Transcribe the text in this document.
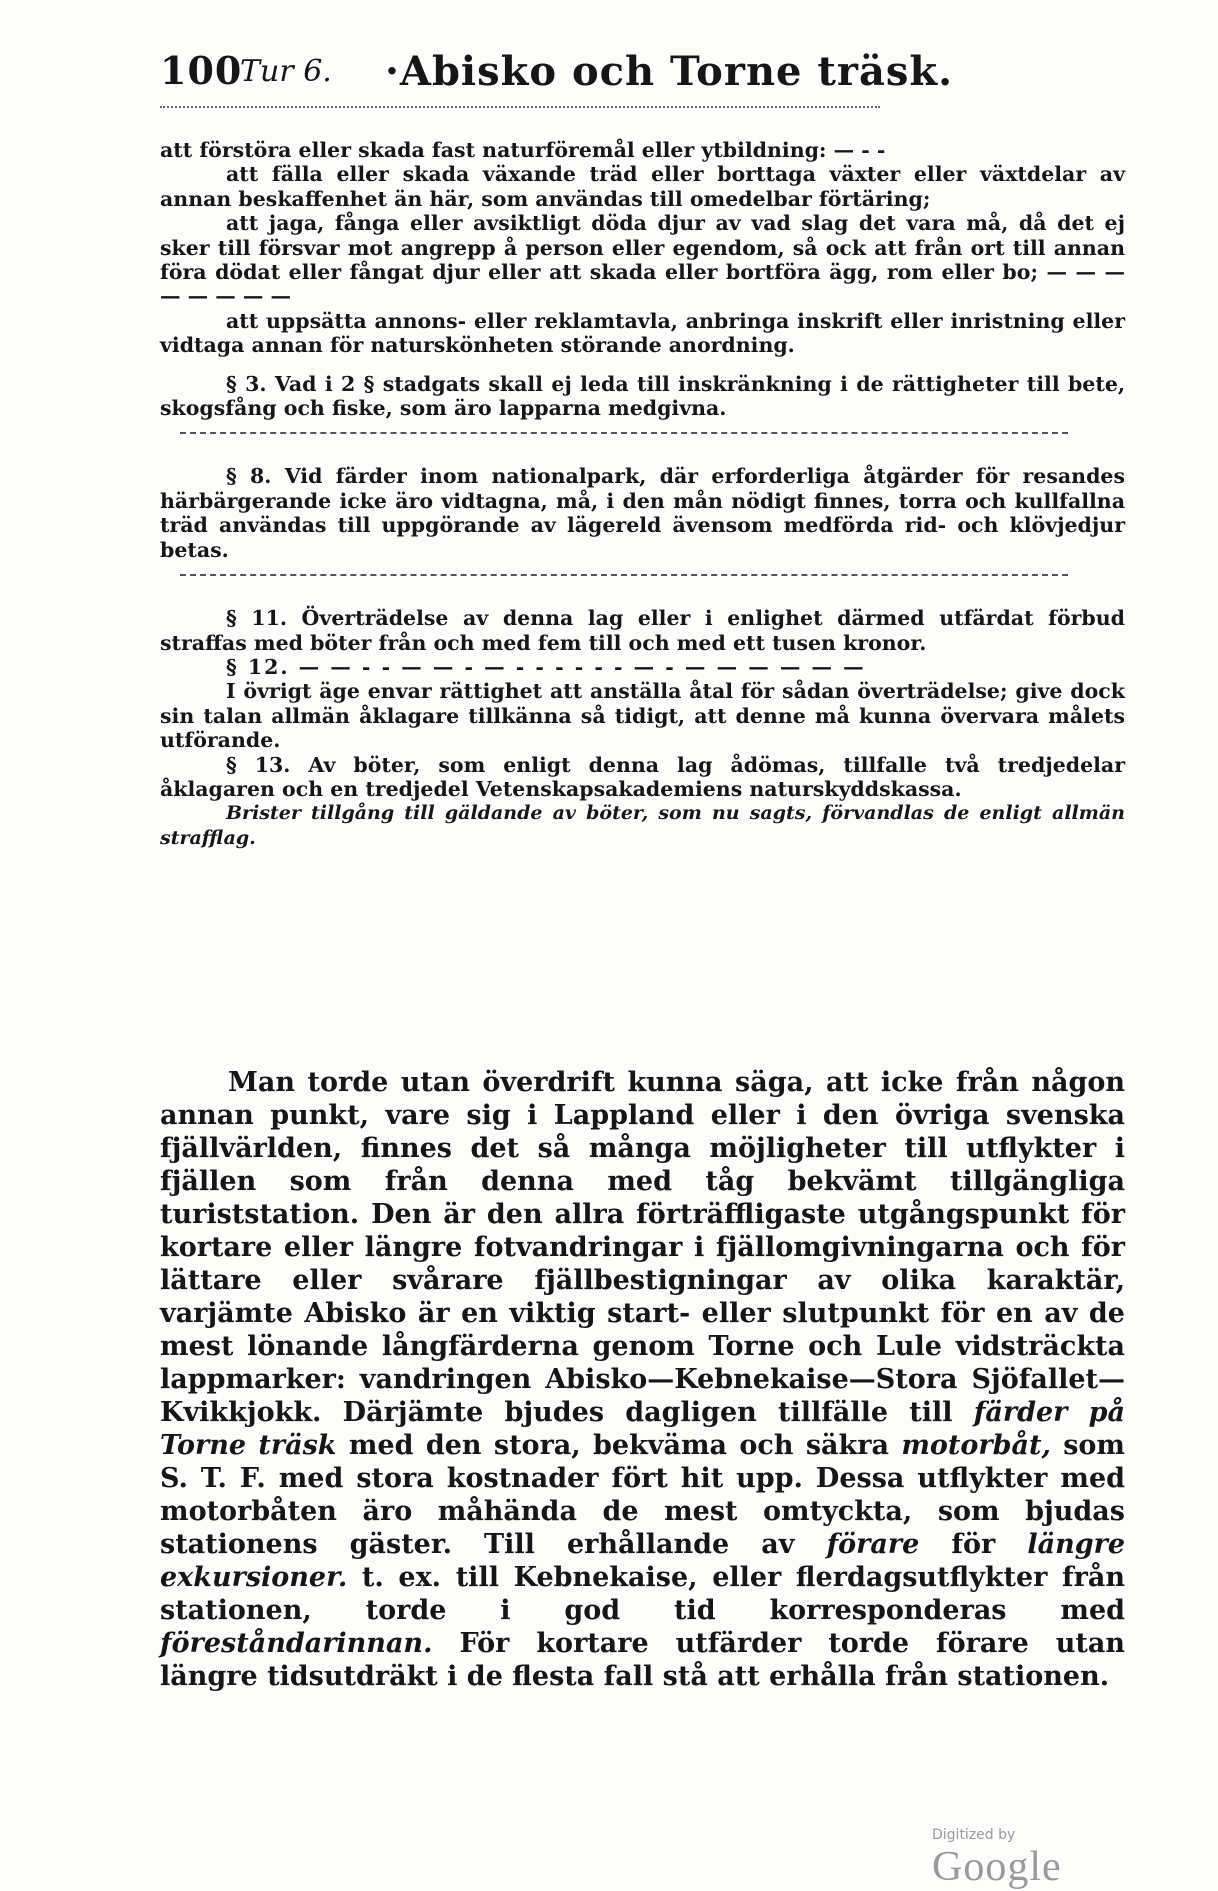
100
Tur 6. ·Abisko och Torne träsk.

att förstöra eller skada fast naturföremål eller ytbildning: — - -

att fälla eller skada växande träd eller borttaga växter eller växtdelar av annan beskaffenhet än här, som användas till omedelbar förtäring;

att jaga, fånga eller avsiktligt döda djur av vad slag det vara må, då det ej sker till försvar mot angrepp å person eller egendom, så ock att från ort till annan föra dödat eller fångat djur eller att skada eller bortföra ägg, rom eller bo; — — — — — — — —

att uppsätta annons- eller reklamtavla, anbringa inskrift eller inristning eller vidtaga annan för naturskönheten störande anordning.

§ 3. Vad i 2 § stadgats skall ej leda till inskränkning i de rättigheter till bete, skogsfång och fiske, som äro lapparna medgivna.

§ 8. Vid färder inom nationalpark, där erforderliga åtgärder för resandes härbärgerande icke äro vidtagna, må, i den mån nödigt finnes, torra och kullfallna träd användas till uppgörande av lägereld ävensom medförda rid- och klövjedjur betas.

§ 11. Överträdelse av denna lag eller i enlighet därmed utfärdat förbud straffas med böter från och med fem till och med ett tusen kronor.

§ 12. — — - - — — - — - - - - - - — - — — — — — —

I övrigt äge envar rättighet att anställa åtal för sådan överträdelse; give dock sin talan allmän åklagare tillkänna så tidigt, att denne må kunna övervara målets utförande.

§ 13. Av böter, som enligt denna lag ådömas, tillfalle två tredjedelar åklagaren och en tredjedel Vetenskapsakademiens naturskyddskassa.

Brister tillgång till gäldande av böter, som nu sagts, förvandlas de enligt allmän strafflag.

Man torde utan överdrift kunna säga, att icke från någon annan punkt, vare sig i Lappland eller i den övriga svenska fjällvärlden, finnes det så många möjligheter till utflykter i fjällen som från denna med tåg bekvämt tillgängliga turiststation. Den är den allra förträffligaste utgångspunkt för kortare eller längre fotvandringar i fjällomgivningarna och för lättare eller svårare fjällbestigningar av olika karaktär, varjämte Abisko är en viktig start- eller slutpunkt för en av de mest lönande långfärderna genom Torne och Lule vidsträckta lappmarker: vandringen Abisko—Kebnekaise—Stora Sjöfallet—Kvikkjokk. Därjämte bjudes dagligen tillfälle till färder på Torne träsk med den stora, bekväma och säkra motorbåt, som S. T. F. med stora kostnader fört hit upp. Dessa utflykter med motorbåten äro måhända de mest omtyckta, som bjudas stationens gäster. Till erhållande av förare för längre exkursioner. t. ex. till Kebnekaise, eller flerdagsutflykter från stationen, torde i god tid korresponderas med föreståndarinnan. För kortare utfärder torde förare utan längre tidsutdräkt i de flesta fall stå att erhålla från stationen.

Digitized by Google
